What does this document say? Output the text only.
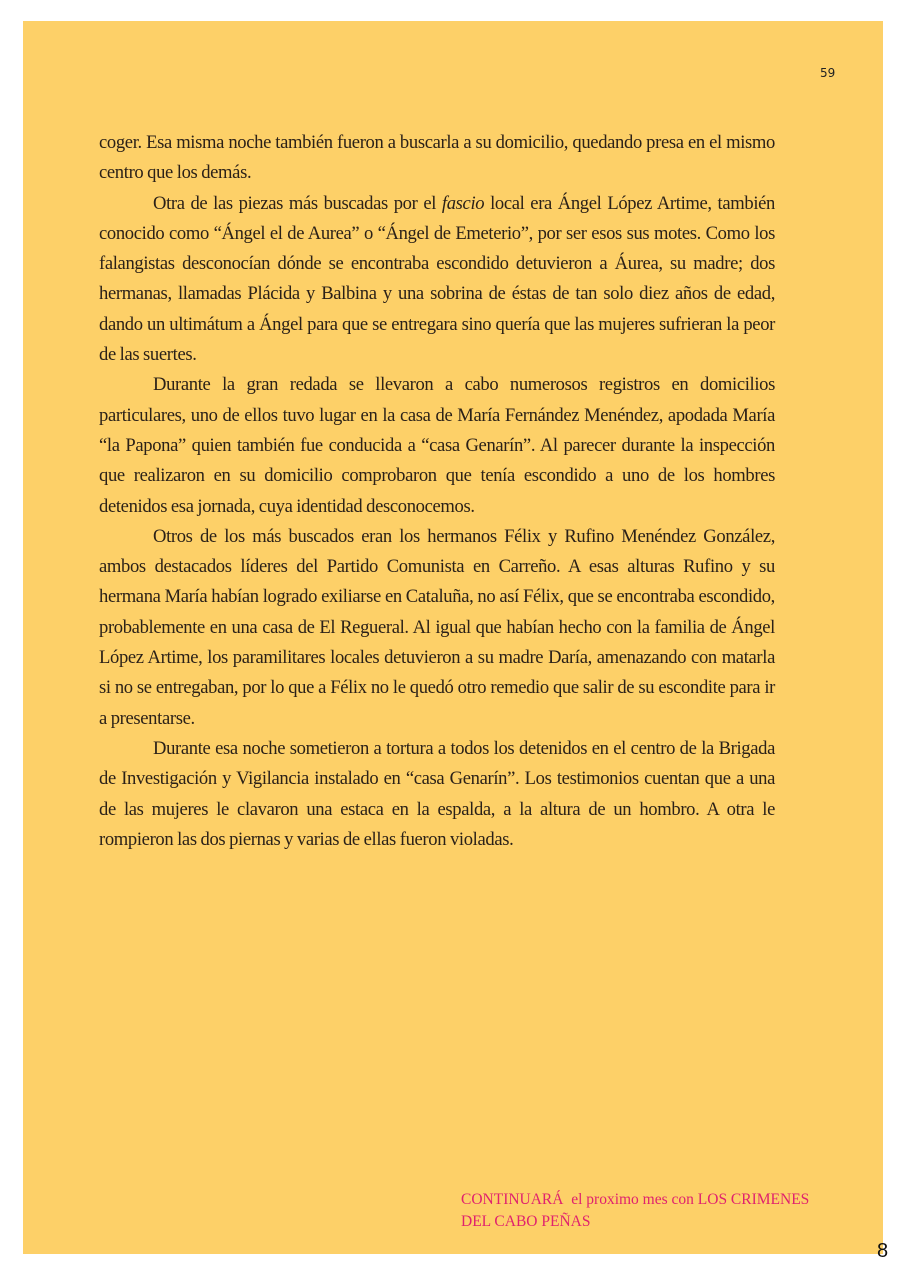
59

coger. Esa misma noche también fueron a buscarla a su domicilio, quedando presa en el mismo centro que los demás.

Otra de las piezas más buscadas por el fascio local era Ángel López Artime, también conocido como “Ángel el de Aurea” o “Ángel de Emeterio”, por ser esos sus motes. Como los falangistas desconocían dónde se encontraba escondido detuvieron a Áurea, su madre; dos hermanas, llamadas Plácida y Balbina y una sobrina de éstas de tan solo diez años de edad, dando un ultimátum a Ángel para que se entregara sino quería que las mujeres sufrieran la peor de las suertes.

Durante la gran redada se llevaron a cabo numerosos registros en domicilios particulares, uno de ellos tuvo lugar en la casa de María Fernández Menéndez, apodada María “la Papona” quien también fue conducida a “casa Genarín”. Al parecer durante la inspección que realizaron en su domicilio comprobaron que tenía escondido a uno de los hombres detenidos esa jornada, cuya identidad desconocemos.

Otros de los más buscados eran los hermanos Félix y Rufino Menéndez González, ambos destacados líderes del Partido Comunista en Carreño. A esas alturas Rufino y su hermana María habían logrado exiliarse en Cataluña, no así Félix, que se encontraba escondido, probablemente en una casa de El Regueral. Al igual que habían hecho con la familia de Ángel López Artime, los paramilitares locales detuvieron a su madre Daría, amenazando con matarla si no se entregaban, por lo que a Félix no le quedó otro remedio que salir de su escondite para ir a presentarse.

Durante esa noche sometieron a tortura a todos los detenidos en el centro de la Brigada de Investigación y Vigilancia instalado en “casa Genarín”. Los testimonios cuentan que a una de las mujeres le clavaron una estaca en la espalda, a la altura de un hombro. A otra le rompieron las dos piernas y varias de ellas fueron violadas.

CONTINUARÁ  el proximo mes con LOS CRIMENES
DEL CABO PEÑAS
8
